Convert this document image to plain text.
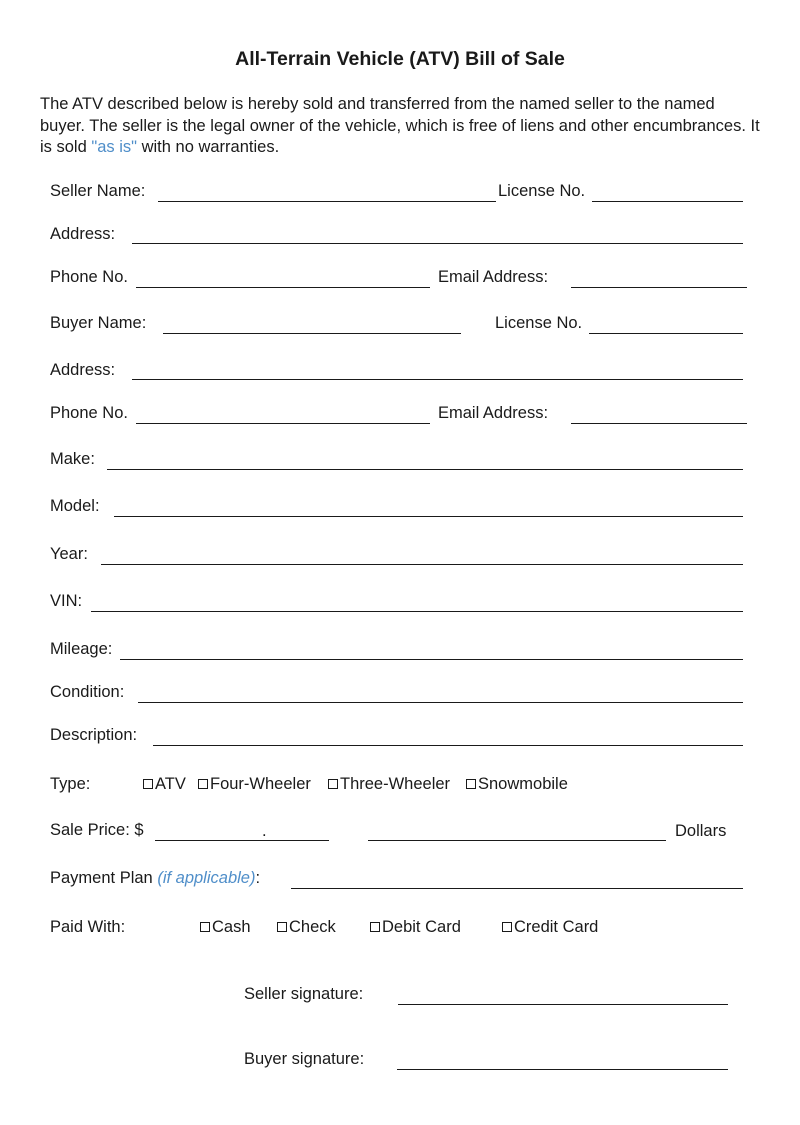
All-Terrain Vehicle (ATV) Bill of Sale
The ATV described below is hereby sold and transferred from the named seller to the named buyer. The seller is the legal owner of the vehicle, which is free of liens and other encumbrances. It is sold "as is" with no warranties.
Seller Name:	License No.
Address:
Phone No.	Email Address:
Buyer Name:	License No.
Address:
Phone No.	Email Address:
Make:
Model:
Year:
VIN:
Mileage:
Condition:
Description:
Type:	ATV	Four-Wheeler	Three-Wheeler	Snowmobile
Sale Price: $	.	Dollars
Payment Plan (if applicable):
Paid With:	Cash	Check	Debit Card	Credit Card
Seller signature:
Buyer signature:
